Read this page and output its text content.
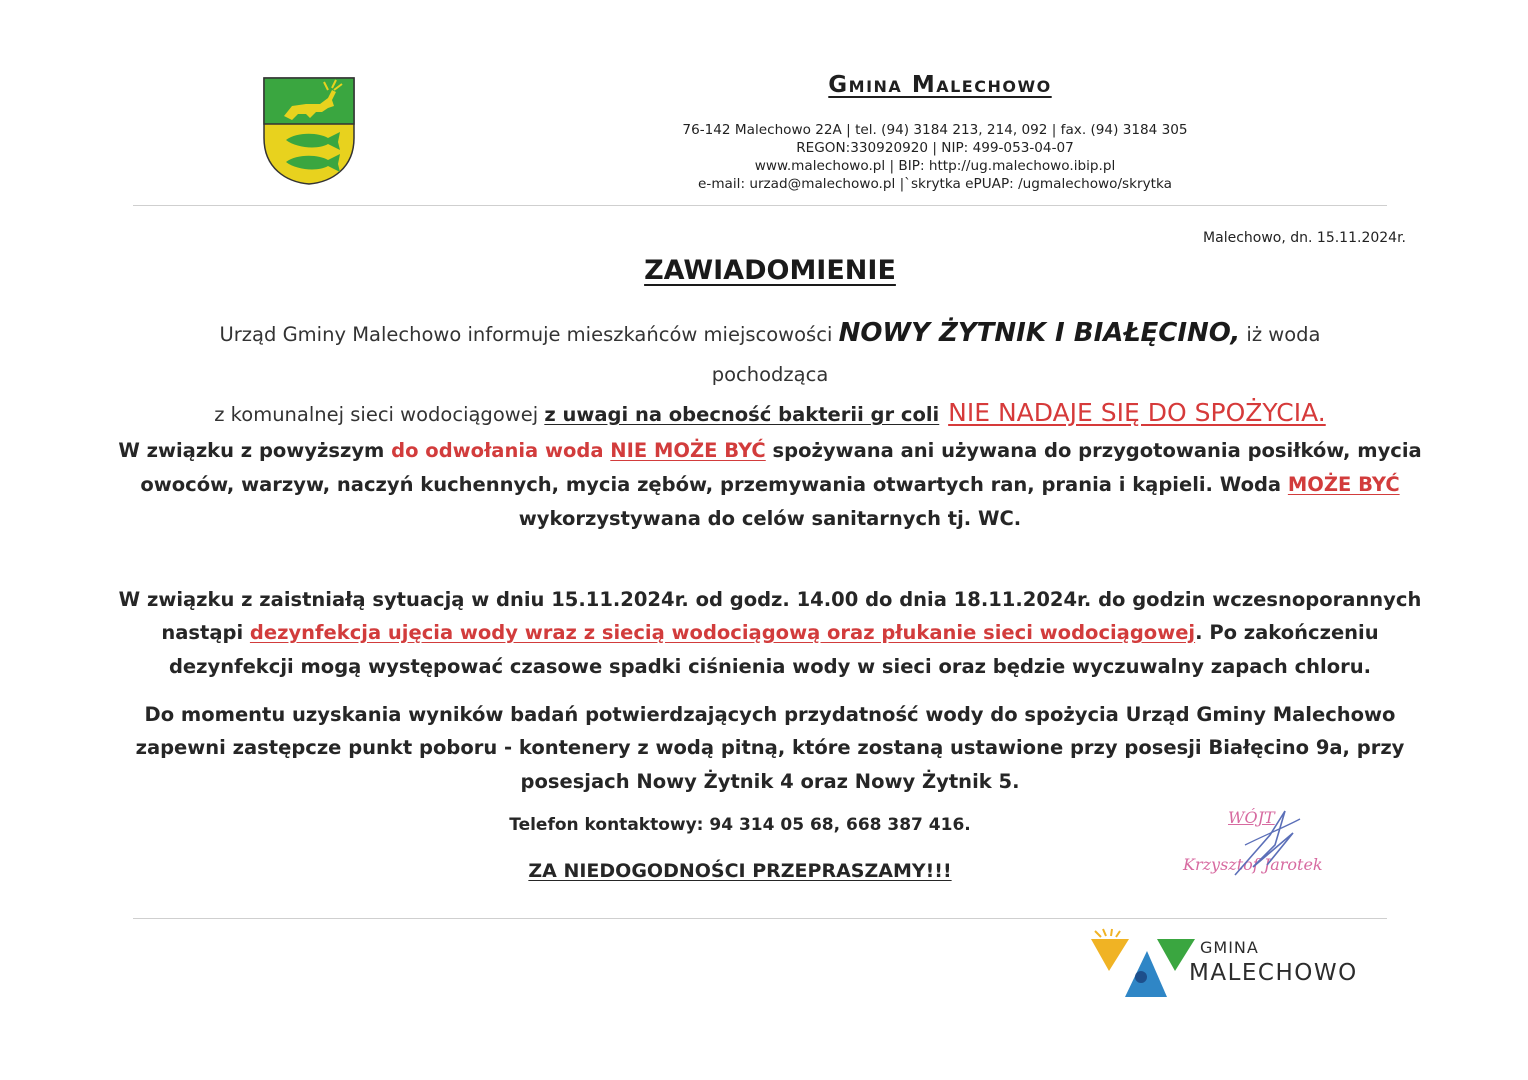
Gmina Malechowo
76-142 Malechowo 22A | tel. (94) 3184 213, 214, 092 | fax. (94) 3184 305
REGON:330920920 | NIP: 499-053-04-07
www.malechowo.pl | BIP: http://ug.malechowo.ibip.pl
e-mail: urzad@malechowo.pl |`skrytka ePUAP: /ugmalechowo/skrytka
Malechowo, dn. 15.11.2024r.
ZAWIADOMIENIE
Urząd Gminy Malechowo informuje mieszkańców miejscowości NOWY ŻYTNIK I BIAŁĘCINO, iż woda
pochodząca
z komunalnej sieci wodociągowej z uwagi na obecność bakterii gr coli NIE NADAJE SIĘ DO SPOŻYCIA.
W związku z powyższym do odwołania woda NIE MOŻE BYĆ spożywana ani używana do przygotowania posiłków, mycia
owoców, warzyw, naczyń kuchennych, mycia zębów, przemywania otwartych ran, prania i kąpieli. Woda MOŻE BYĆ
wykorzystywana do celów sanitarnych tj. WC.
W związku z zaistniałą sytuacją w dniu 15.11.2024r. od godz. 14.00 do dnia 18.11.2024r. do godzin wczesnoporannych
nastąpi dezynfekcja ujęcia wody wraz z siecią wodociągową oraz płukanie sieci wodociągowej. Po zakończeniu
dezynfekcji mogą występować czasowe spadki ciśnienia wody w sieci oraz będzie wyczuwalny zapach chloru.
Do momentu uzyskania wyników badań potwierdzających przydatność wody do spożycia Urząd Gminy Malechowo
zapewni zastępcze punkt poboru - kontenery z wodą pitną, które zostaną ustawione przy posesji Białęcino 9a, przy
posesjach Nowy Żytnik 4 oraz Nowy Żytnik 5.
Telefon kontaktowy: 94 314 05 68, 668 387 416.
ZA NIEDOGODNOŚCI PRZEPRASZAMY!!!
WÓJT
Krzysztof Jarotek
GMINA
MALECHOWO
